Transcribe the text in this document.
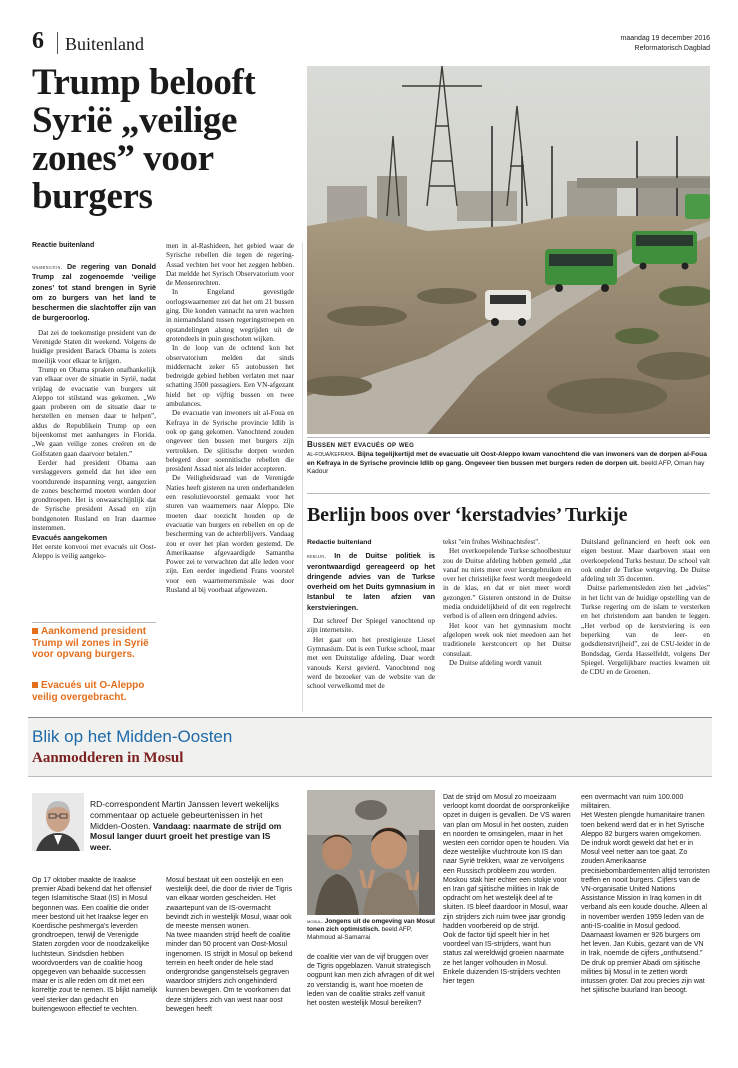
6 Buitenland	maandag 19 december 2016
Reformatorisch Dagblad
Trump belooft Syrië „veilige zones” voor burgers
Reactie buitenland

washington. De regering van Donald Trump zal zogenoemde ‘veilige zones’ tot stand brengen in Syrië om zo burgers van het land te beschermen die slachtoffer zijn van de burgeroorlog.

Dat zei de toekomstige president van de Verenigde Staten dit weekend. Volgens de huidige president Barack Obama is zoiets moeilijk voor elkaar te krijgen.

Trump en Obama spraken onafhankelijk van elkaar over de situatie in Syrië, nadat vrijdag de evacuatie van burgers uit Aleppo tot stilstand was gekomen. „We gaan proberen om de situatie daar te herstellen en mensen daar te helpen”, aldus de Republikein Trump op een bijeenkomst met aanhangers in Florida. „We gaan veilige zones creëren en de Golfstaten gaan daarvoor betalen.”

Eerder had president Obama aan verslaggevers gemeld dat het idee een voortdurende inspanning vergt, aangezien de zones beschermd moeten worden door grondtroepen. Het is onwaarschijnlijk dat de Syrische president Assad en zijn bondgenoten Rusland en Iran daarmee instemmen.

Evacués aangekomen

Het eerste konvooi met evacués uit Oost-Aleppo is veilig aangeko-

Aankomend president Trump wil zones in Syrië voor opvang burgers.
Evacués uit O-Aleppo veilig overgebracht.

men in al-Rashideen, het gebied waar de Syrische rebellen die tegen de regering-Assad vechten het voor het zeggen hebben. Dat meldde het Syrisch Observatorium voor de Mensenrechten.

In Engeland gevestigde oorlogswaarnemer zei dat het om 21 bussen ging. Die konden vannacht na uren wachten in niemandsland tussen regeringstroepen en opstandelingen alsnog wegrijden uit de grotendeels in puin geschoten wijken.

In de loop van de ochtend kon het observatorium melden dat sinds middernacht zeker 65 autobussen het bedreigde gebied hebben verlaten met naar schatting 3500 passagiers. Een VN-afgezant hield het op vijftig bussen en twee ambulances.

De evacuatie van inwoners uit al-Foua en Kefraya in de Syrische provincie Idlib is ook op gang gekomen. Vanochtend zouden ongeveer tien bussen met burgers zijn vertrokken. De sjiitische dorpen worden belegerd door soennitische rebellen die president Assad niet als leider accepteren.

De Veiligheidsraad van de Verenigde Naties heeft gisteren na uren onderhandelen een resolutievoorstel gemaakt voor het sturen van waarnemers naar Aleppo. Die moeten daar toezicht houden op de evacuatie van burgers en rebellen en op de bescherming van de achterblijvers. Vandaag zou er over het plan worden gestemd. De Amerikaanse afgevaardigde Samantha Power zei te verwachten dat alle leden voor zijn. Een eerder ingediend Frans voorstel voor een waarnemersmissie was door Rusland al bij voorbaat afgewezen.

Bussen met evacués op weg
al-foua/kefraya. Bijna tegelijkertijd met de evacuatie uit Oost-Aleppo kwam vanochtend die van inwoners van de dorpen al-Foua en Kefraya in de Syrische provincie Idlib op gang. Ongeveer tien bussen met burgers reden de dorpen uit. beeld AFP, Oman hay Kadour
Berlijn boos over ‘kerstadvies’ Turkije

Redactie buitenland

berlijn. In de Duitse politiek is verontwaardigd gereageerd op het dringende advies van de Turkse overheid om het Duits gymnasium in Istanbul te laten afzien van kerstvieringen.

Dat schreef Der Spiegel vanochtend op zijn internetsite.

Het gaat om het prestigieuze Liesel Gymnasium. Dat is een Turkse school, maar met een Duitstalige afdeling. Daar wordt vanouds Kerst gevierd. Vanochtend nog werd de bezoeker van de website van de school verwelkomd met de

tekst "ein frohes Weihnachtsfest".

Het overkoepelende Turkse schoolbestuur zou de Duitse afdeling hebben gemeld „dat vanaf nu niets meer over kerstgebruiken en over het christelijke feest wordt meegedeeld in de klas, en dat er niet meer wordt gezongen.” Gisteren ontstond in de Duitse media onduidelijkheid of dit een regelrecht verbod is of alleen een dringend advies.

Het koor van het gymnasium mocht afgelopen week ook niet meedoen aan het traditionele kerstconcert op het Duitse consulaat.

De Duitse afdeling wordt vanuit

Duitsland gefinancierd en heeft ook een eigen bestuur. Maar daarboven staat een overkoepelend Turks bestuur. De school valt ook onder de Turkse wetgeving. De Duitse afdeling telt 35 docenten.

Duitse parlementsleden zien het „advies” in het licht van de huidige opstelling van de Turkse regering om de islam te versterken en het christendom aan banden te leggen. „Het verbod op de kerstviering is een beperking van de leer- en godsdienstvrijheid”, zei de CSU-leider in de Bondsdag, Gerda Hasselfeldt, volgens Der Spiegel. Vergelijkbare reacties kwamen uit de CDU en de Groenen.

Blik op het Midden-Oosten
Aanmodderen in Mosul
RD-correspondent Martin Janssen levert wekelijks commentaar op actuele gebeurtenissen in het Midden-Oosten. Vandaag: naarmate de strijd om Mosul langer duurt groeit het prestige van IS weer.
Op 17 oktober maakte de Iraakse premier Abadi bekend dat het offensief tegen Islamitische Staat (IS) in Mosul begonnen was. Een coalitie die onder meer bestond uit het Iraakse leger en Koerdische peshmerga’s leverden grondtroepen, terwijl de Verenigde Staten zorgden voor de noodzakelijke luchtsteun. Sindsdien hebben woordvoerders van de coalitie hoog opgegeven van behaalde successen maar er is alle reden om dit met een korreltje zout te nemen. IS blijkt namelijk veel sterker dan gedacht en buitengewoon effectief te vechten.
Mosul bestaat uit een oostelijk en een westelijk deel, die door de rivier de Tigris van elkaar worden gescheiden. Het zwaartepunt van de IS-overmacht bevindt zich in westelijk Mosul, waar ook de meeste mensen wonen.
Na twee maanden strijd heeft de coalitie minder dan 50 procent van Oost-Mosul ingenomen. IS strijdt in Mosul op bekend terrein en heeft onder de hele stad ondergrondse gangenstelsels gegraven waardoor strijders zich ongehinderd kunnen bewegen. Om te voorkomen dat deze strijders zich van west naar oost bewegen heeft
mosul. Jongens uit de omgeving van Mosul tonen zich optimistisch. beeld AFP, Mahmoud al-Samarrai
de coalitie vier van de vijf bruggen over de Tigris opgeblazen. Vanuit strategisch oogpunt kan men zich afvragen of dit wel zo verstandig is, want hoe moeten de leden van de coalitie straks zelf vanuit het oosten westelijk Mosul bereiken?
Dat de strijd om Mosul zo moeizaam verloopt komt doordat de oorspronkelijke opzet in duigen is gevallen. De VS waren van plan om Mosul in het oosten, zuiden en noorden te omsingelen, maar in het westen een corridor open te houden. Via deze westelijke vluchtroute kon IS dan naar Syrië trekken, waar ze vervolgens een Russisch probleem zou worden.
Moskou stak hier echter een stokje voor en Iran gaf sjiitische milities in Irak de opdracht om het westelijk deel af te sluiten. IS bleef daardoor in Mosul, waar zijn strijders zich ruim twee jaar grondig hadden voorbereid op de strijd.
Ook de factor tijd speelt hier in het voordeel van IS-strijders, want hun status zal wereldwijd groeien naarmate ze het langer volhouden in Mosul. Enkele duizenden IS-strijders vechten hier tegen
een overmacht van ruim 100.000 militairen.
Het Westen plengde humanitaire tranen toen bekend werd dat er in het Syrische Aleppo 82 burgers waren omgekomen. De indruk wordt gewekt dat het er in Mosul veel netter aan toe gaat. Zo zouden Amerikaanse precisiebombardementen altijd terroristen treffen en nooit burgers. Cijfers van de VN-organisatie United Nations Assistance Mission in Iraq komen in dit verband als een koude douche. Alleen al in november werden 1959 leden van de anti-IS-coalitie in Mosul gedood. Daarnaast kwamen er 926 burgers om het leven. Jan Kubis, gezant van de VN in Irak, noemde de cijfers „onthutsend.”
De druk op premier Abadi om sjiitische milities bij Mosul in te zetten wordt intussen groter. Dat zou precies zijn wat het sjiitische buurland Iran beoogt.
